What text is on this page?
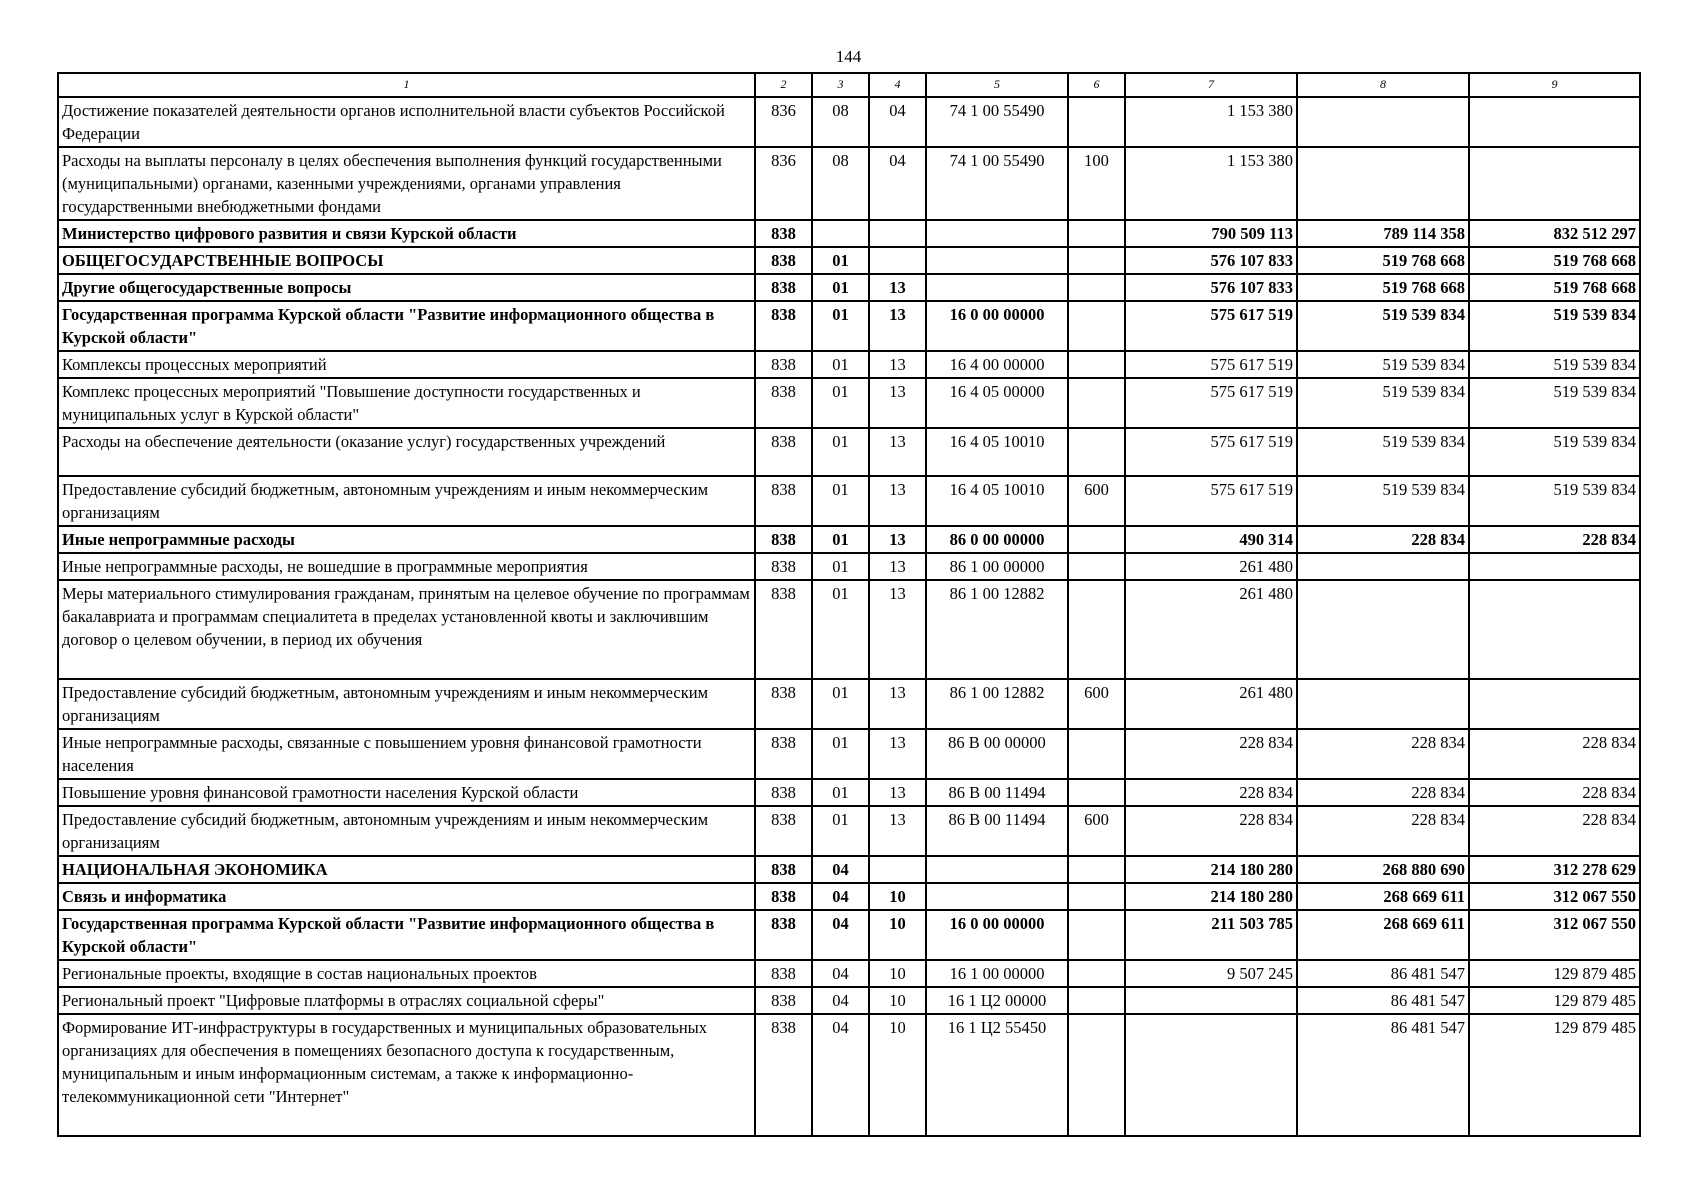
144
1	2	3	4	5	6	7	8	9
Достижение показателей деятельности органов исполнительной власти субъектов Российской Федерации	836	08	04	74 1 00 55490		1 153 380		
Расходы на выплаты персоналу в целях обеспечения выполнения функций государственными (муниципальными) органами, казенными учреждениями, органами управления государственными внебюджетными фондами	836	08	04	74 1 00 55490	100	1 153 380		
Министерство цифрового развития и связи Курской области	838					790 509 113	789 114 358	832 512 297
ОБЩЕГОСУДАРСТВЕННЫЕ ВОПРОСЫ	838	01				576 107 833	519 768 668	519 768 668
Другие общегосударственные вопросы	838	01	13			576 107 833	519 768 668	519 768 668
Государственная программа Курской области "Развитие информационного общества в Курской области"	838	01	13	16 0 00 00000		575 617 519	519 539 834	519 539 834
Комплексы процессных мероприятий	838	01	13	16 4 00 00000		575 617 519	519 539 834	519 539 834
Комплекс процессных мероприятий "Повышение доступности государственных и муниципальных услуг в Курской области"	838	01	13	16 4 05 00000		575 617 519	519 539 834	519 539 834
Расходы на обеспечение деятельности (оказание услуг) государственных учреждений	838	01	13	16 4 05 10010		575 617 519	519 539 834	519 539 834
Предоставление субсидий бюджетным, автономным учреждениям и иным некоммерческим организациям	838	01	13	16 4 05 10010	600	575 617 519	519 539 834	519 539 834
Иные непрограммные расходы	838	01	13	86 0 00 00000		490 314	228 834	228 834
Иные непрограммные расходы, не вошедшие в программные мероприятия	838	01	13	86 1 00 00000		261 480		
Меры материального стимулирования гражданам, принятым на целевое обучение по программам бакалавриата и программам специалитета в пределах установленной квоты и заключившим договор о целевом обучении, в период их обучения	838	01	13	86 1 00 12882		261 480		
Предоставление субсидий бюджетным, автономным учреждениям и иным некоммерческим организациям	838	01	13	86 1 00 12882	600	261 480		
Иные непрограммные расходы, связанные с повышением уровня финансовой грамотности населения	838	01	13	86 В 00 00000		228 834	228 834	228 834
Повышение уровня финансовой грамотности населения Курской области	838	01	13	86 В 00 11494		228 834	228 834	228 834
Предоставление субсидий бюджетным, автономным учреждениям и иным некоммерческим организациям	838	01	13	86 В 00 11494	600	228 834	228 834	228 834
НАЦИОНАЛЬНАЯ ЭКОНОМИКА	838	04				214 180 280	268 880 690	312 278 629
Связь и информатика	838	04	10			214 180 280	268 669 611	312 067 550
Государственная программа Курской области "Развитие информационного общества в Курской области"	838	04	10	16 0 00 00000		211 503 785	268 669 611	312 067 550
Региональные проекты, входящие в состав национальных проектов	838	04	10	16 1 00 00000		9 507 245	86 481 547	129 879 485
Региональный проект "Цифровые платформы в отраслях социальной сферы"	838	04	10	16 1 Ц2 00000			86 481 547	129 879 485
Формирование ИТ-инфраструктуры в государственных и муниципальных образовательных организациях для обеспечения в помещениях безопасного доступа к государственным, муниципальным и иным информационным системам, а также к информационно-телекоммуникационной сети "Интернет"	838	04	10	16 1 Ц2 55450			86 481 547	129 879 485
